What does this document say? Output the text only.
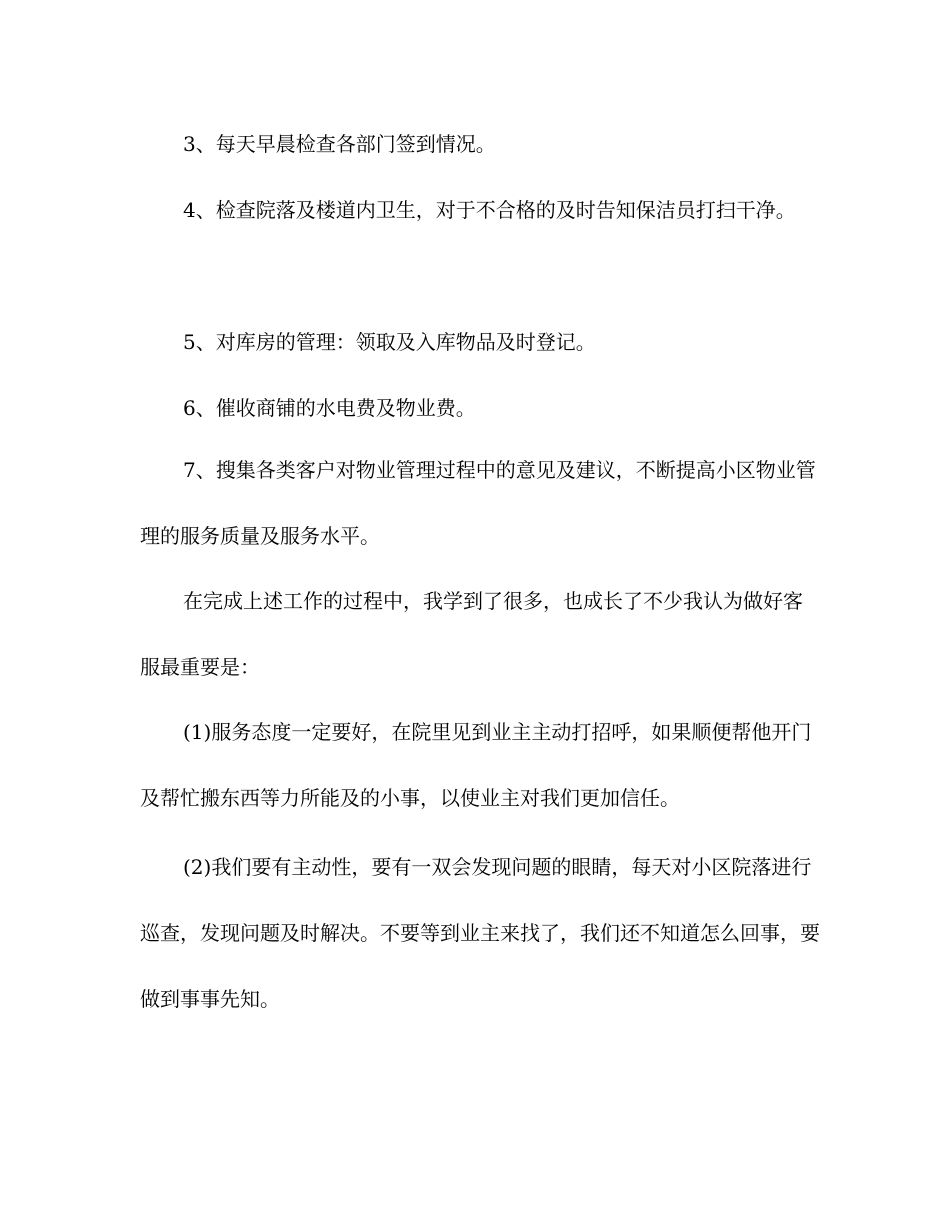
3、每天早晨检查各部门签到情况。

4、检查院落及楼道内卫生，对于不合格的及时告知保洁员打扫干净。

5、对库房的管理：领取及入库物品及时登记。

6、催收商铺的水电费及物业费。

7、搜集各类客户对物业管理过程中的意见及建议，不断提高小区物业管理的服务质量及服务水平。

在完成上述工作的过程中，我学到了很多，也成长了不少我认为做好客服最重要是：

(1)服务态度一定要好，在院里见到业主主动打招呼，如果顺便帮他开门及帮忙搬东西等力所能及的小事，以使业主对我们更加信任。

(2)我们要有主动性，要有一双会发现问题的眼睛，每天对小区院落进行巡查，发现问题及时解决。不要等到业主来找了，我们还不知道怎么回事，要做到事事先知。
